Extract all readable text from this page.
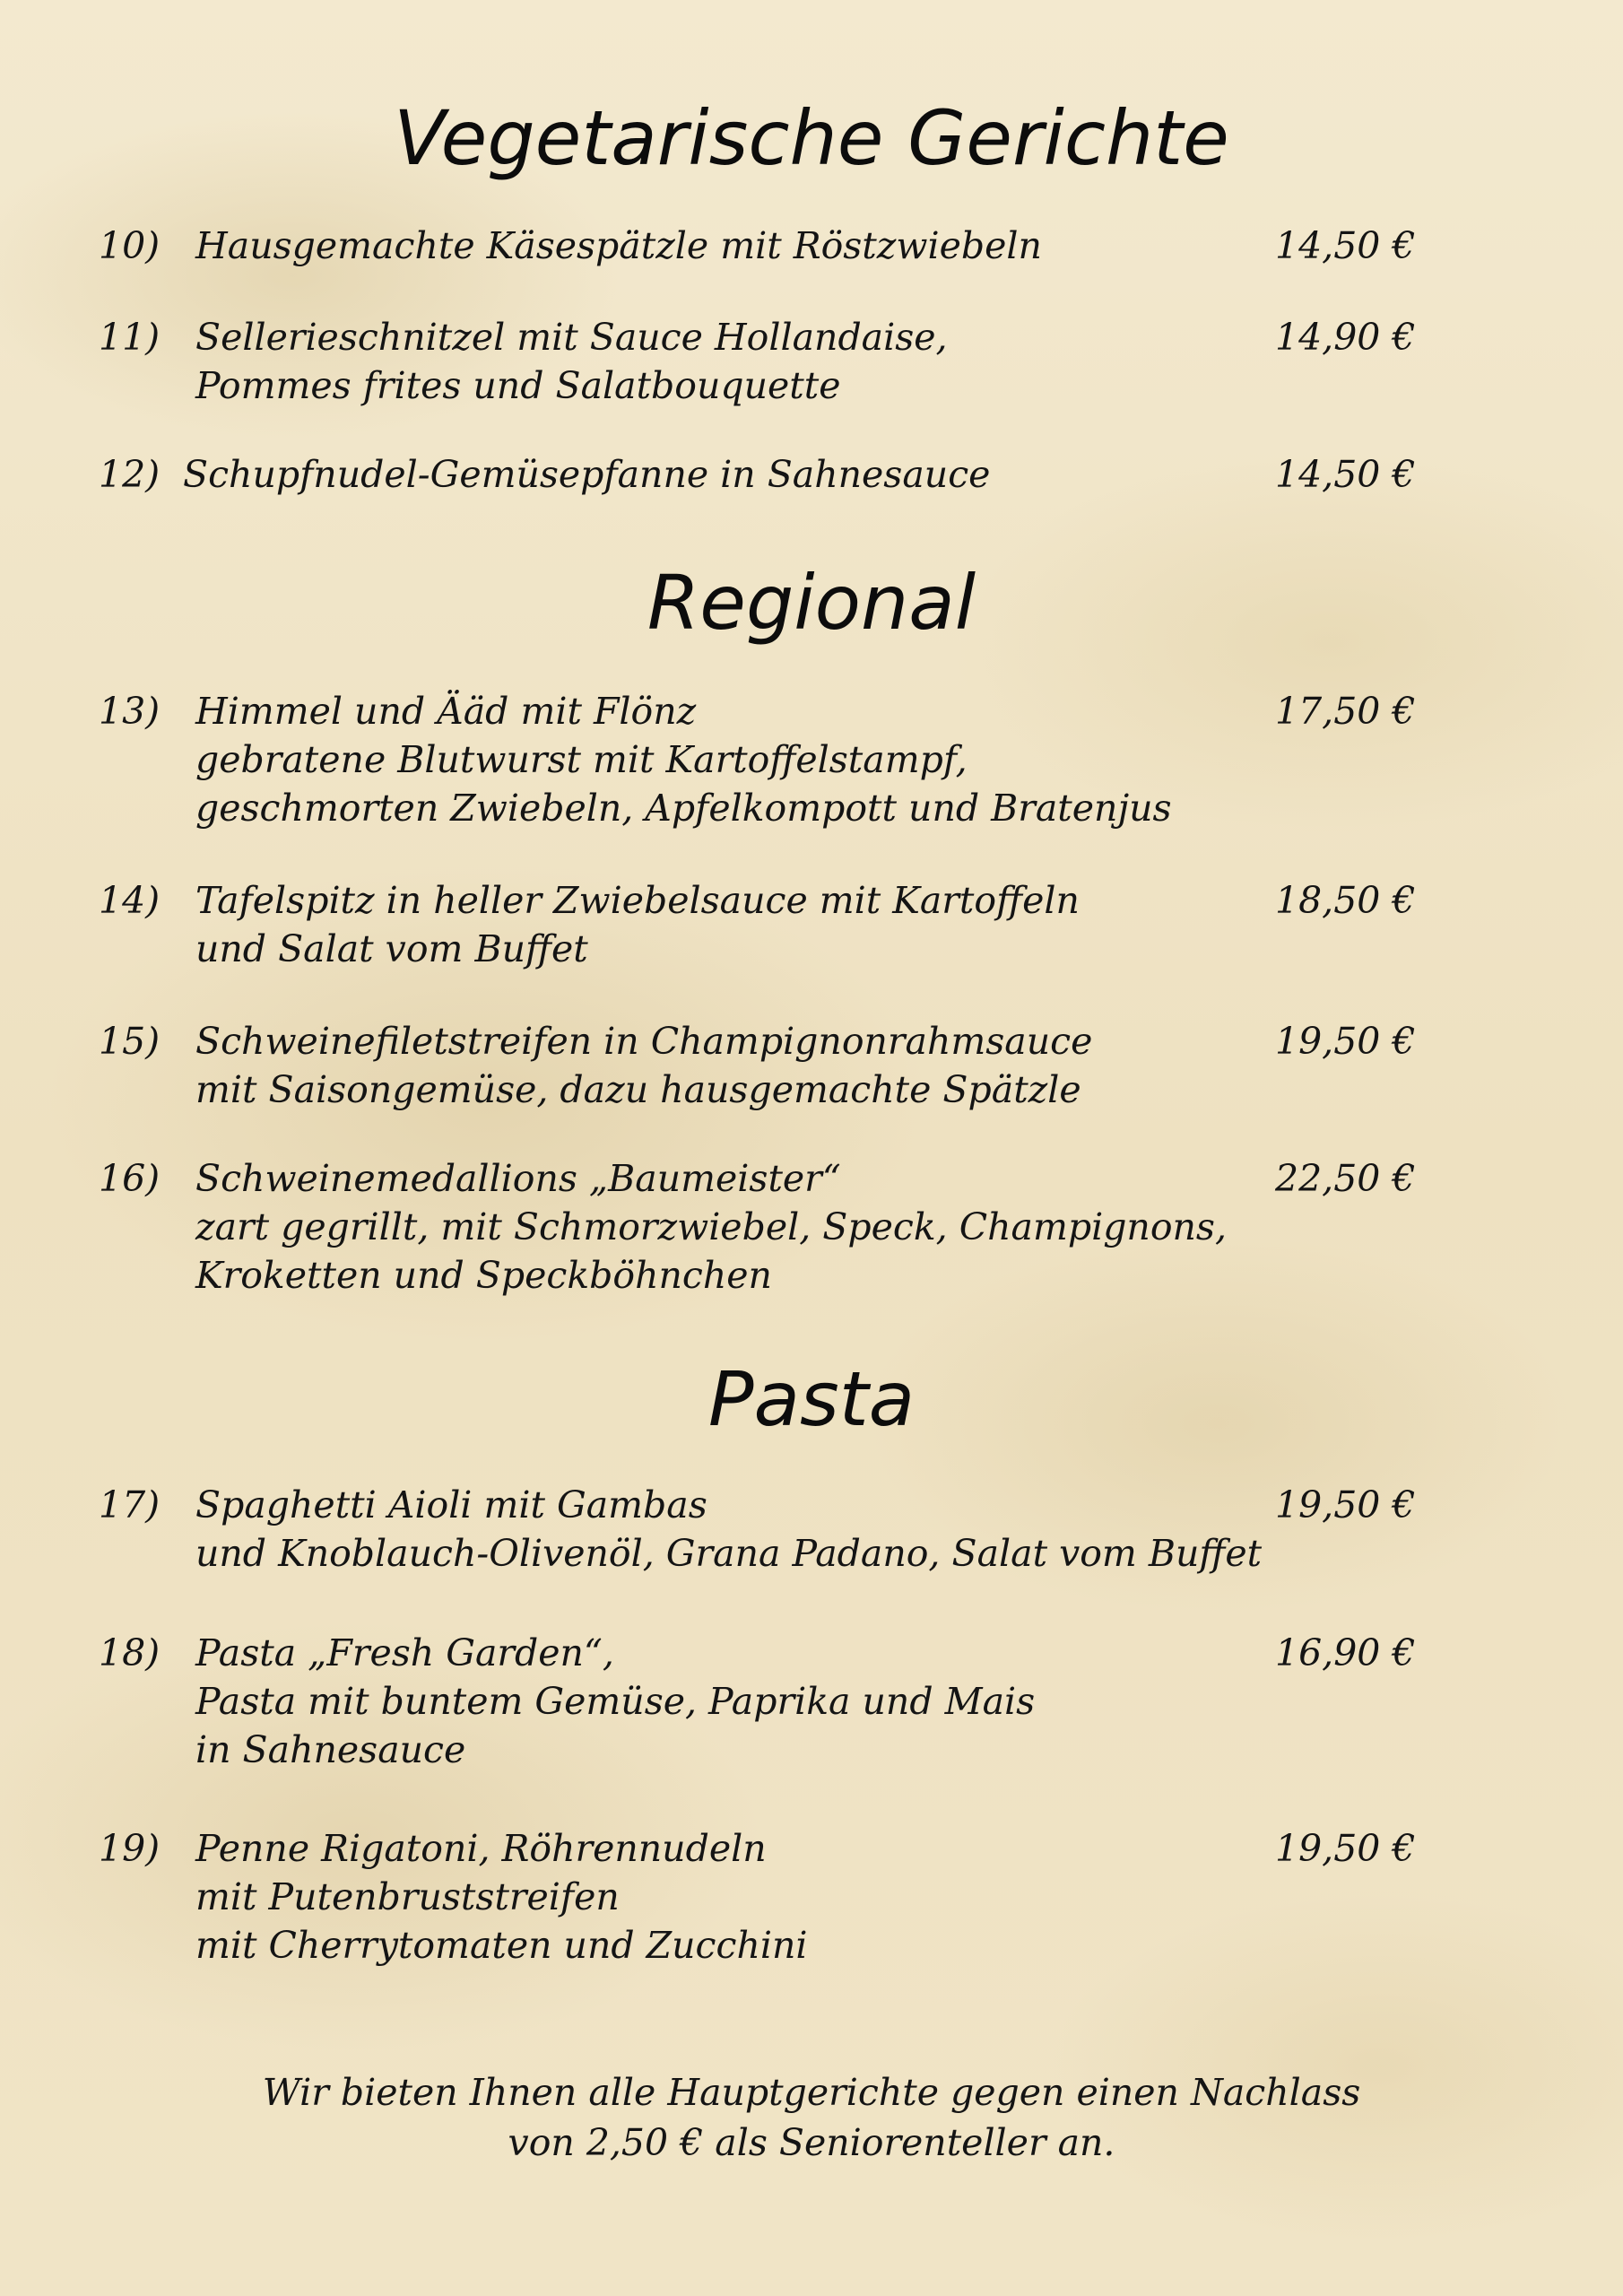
Vegetarische Gerichte
10) Hausgemachte Käsespätzle mit Röstzwiebeln	14,50 €
11) Sellerieschnitzel mit Sauce Hollandaise,
Pommes frites und Salatbouquette
14,90 €
12) Schupfnudel-Gemüsepfanne in Sahnesauce	14,50 €
Regional
13) Himmel und Ääd mit Flönz
gebratene Blutwurst mit Kartoffelstampf,
geschmorten Zwiebeln, Apfelkompott und Bratenjus
17,50 €
14) Tafelspitz in heller Zwiebelsauce mit Kartoffeln
und Salat vom Buffet
18,50 €
15) Schweinefiletstreifen in Champignonrahmsauce
mit Saisongemüse, dazu hausgemachte Spätzle
19,50 €
16) Schweinemedallions „Baumeister“
zart gegrillt, mit Schmorzwiebel, Speck, Champignons,
Kroketten und Speckböhnchen
22,50 €
Pasta
17) Spaghetti Aioli mit Gambas
und Knoblauch-Olivenöl, Grana Padano, Salat vom Buffet
19,50 €
18) Pasta „Fresh Garden“,
Pasta mit buntem Gemüse, Paprika und Mais
in Sahnesauce
16,90 €
19) Penne Rigatoni, Röhrennudeln
mit Putenbruststreifen
mit Cherrytomaten und Zucchini
19,50 €
Wir bieten Ihnen alle Hauptgerichte gegen einen Nachlass
von 2,50 € als Seniorenteller an.
